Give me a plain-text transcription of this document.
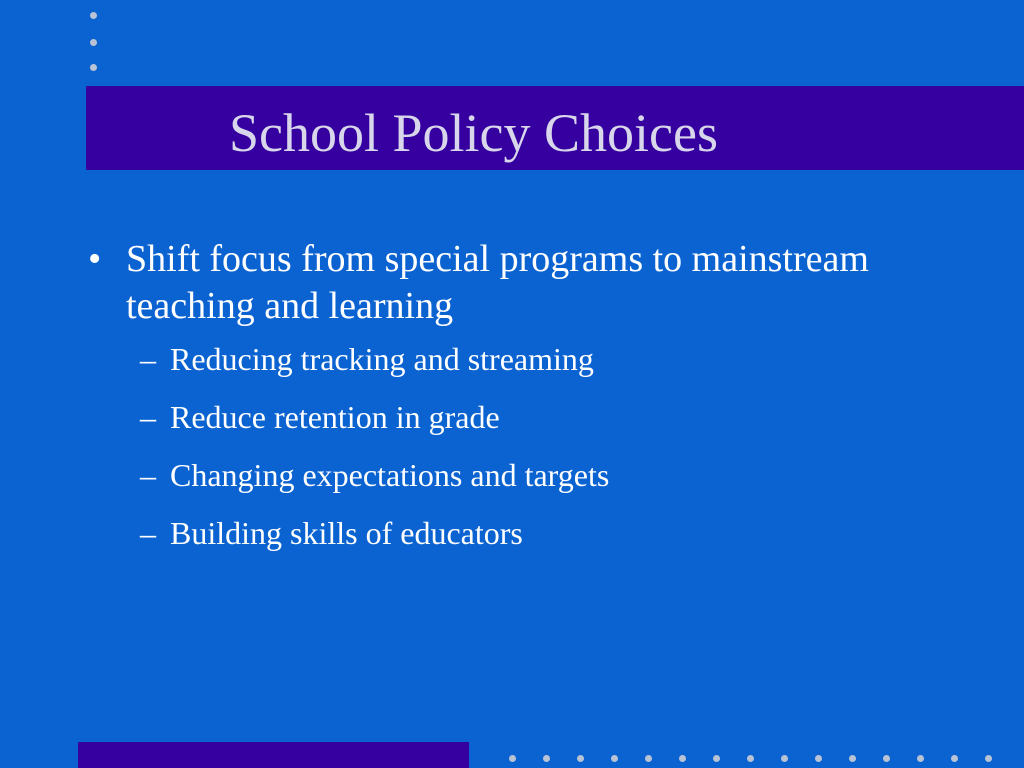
School Policy Choices
• Shift focus from special programs to mainstream teaching and learning
– Reducing tracking and streaming
– Reduce retention in grade
– Changing expectations and targets
– Building skills of educators
